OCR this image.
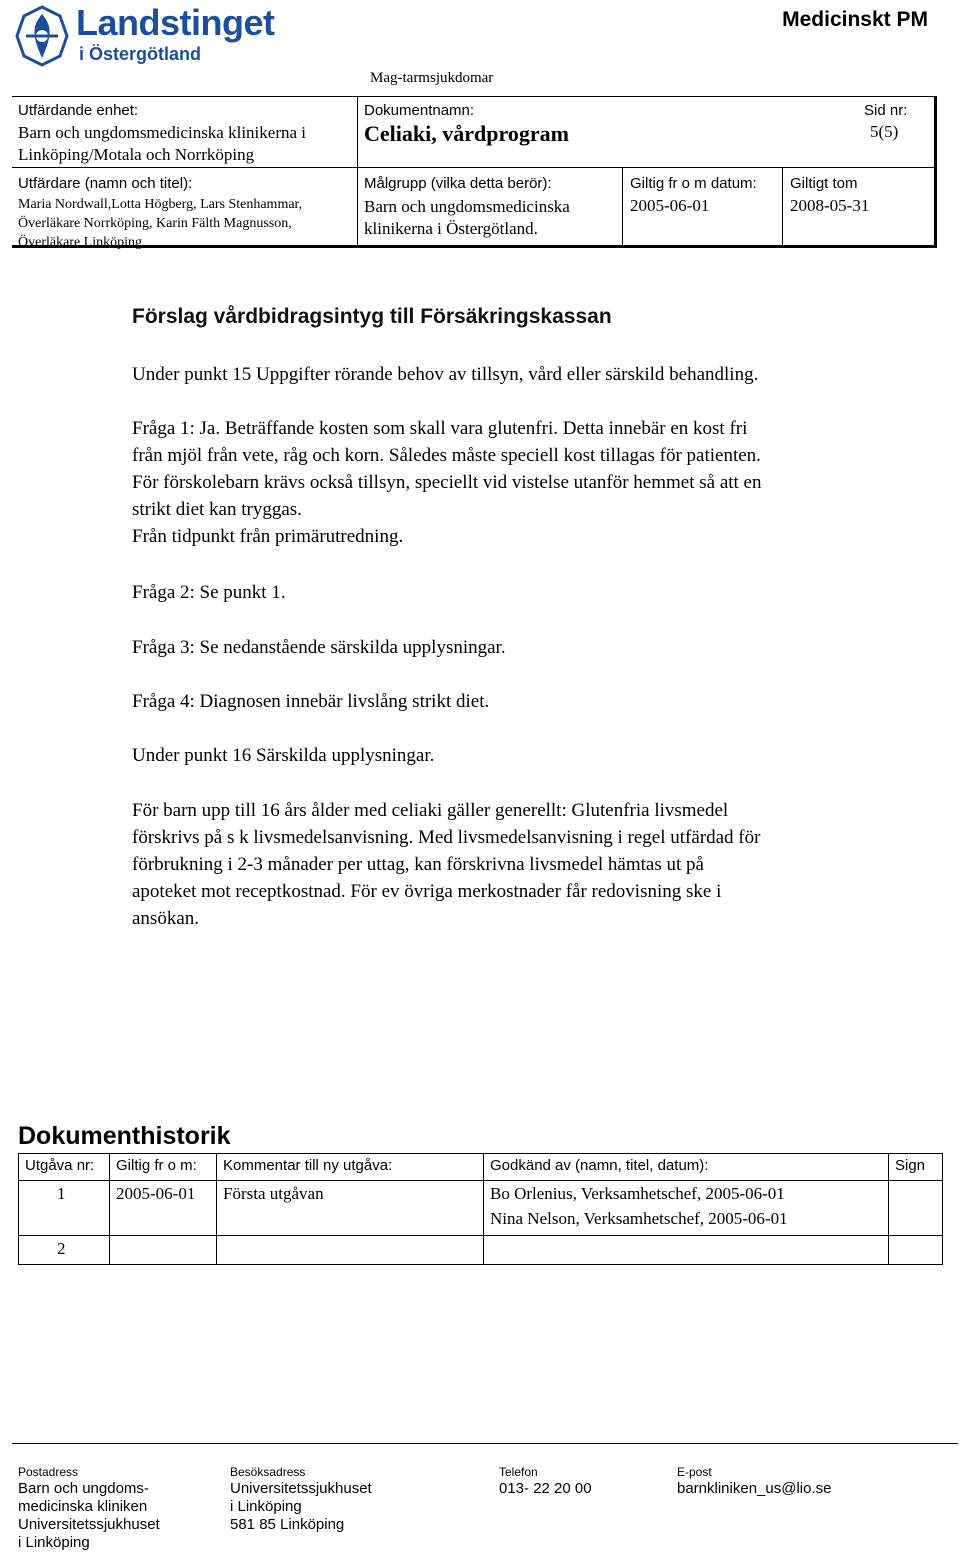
Landstinget
i Östergötland
Medicinskt PM
Mag-tarmsjukdomar
Utfärdande enhet:
Barn och ungdomsmedicinska klinikerna i Linköping/Motala och Norrköping
Dokumentnamn:
Celiaki, vårdprogram
Sid nr:
5(5)
Utfärdare (namn och titel):
Maria Nordwall,Lotta Högberg, Lars Stenhammar, Överläkare Norrköping, Karin Fälth Magnusson, Överläkare Linköping
Målgrupp (vilka detta berör):
Barn och ungdomsmedicinska klinikerna i Östergötland.
Giltig fr o m datum:
2005-06-01
Giltigt tom
2008-05-31
Förslag vårdbidragsintyg till Försäkringskassan
Under punkt 15 Uppgifter rörande behov av tillsyn, vård eller särskild behandling.
Fråga 1: Ja. Beträffande kosten som skall vara glutenfri. Detta innebär en kost fri
från mjöl från vete, råg och korn. Således måste speciell kost tillagas för patienten.
För förskolebarn krävs också tillsyn, speciellt vid vistelse utanför hemmet så att en
strikt diet kan tryggas.
Från tidpunkt från primärutredning.
Fråga 2: Se punkt 1.
Fråga 3: Se nedanstående särskilda upplysningar.
Fråga 4: Diagnosen innebär livslång strikt diet.
Under punkt 16 Särskilda upplysningar.
För barn upp till 16 års ålder med celiaki gäller generellt: Glutenfria livsmedel
förskrivs på s k livsmedelsanvisning. Med livsmedelsanvisning i regel utfärdad för
förbrukning i 2-3 månader per uttag, kan förskrivna livsmedel hämtas ut på
apoteket mot receptkostnad. För ev övriga merkostnader får redovisning ske i
ansökan.
Dokumenthistorik
Utgåva nr:	Giltig fr o m:	Kommentar till ny utgåva:	Godkänd av (namn, titel, datum):	Sign
1	2005-06-01	Första utgåvan	Bo Orlenius, Verksamhetschef, 2005-06-01
Nina Nelson, Verksamhetschef, 2005-06-01	

2				
Postadress
Barn och ungdoms-
medicinska kliniken
Universitetssjukhuset
i Linköping
Besöksadress
Universitetssjukhuset
i Linköping
581 85 Linköping
Telefon
013- 22 20 00
E-post
barnkliniken_us@lio.se
